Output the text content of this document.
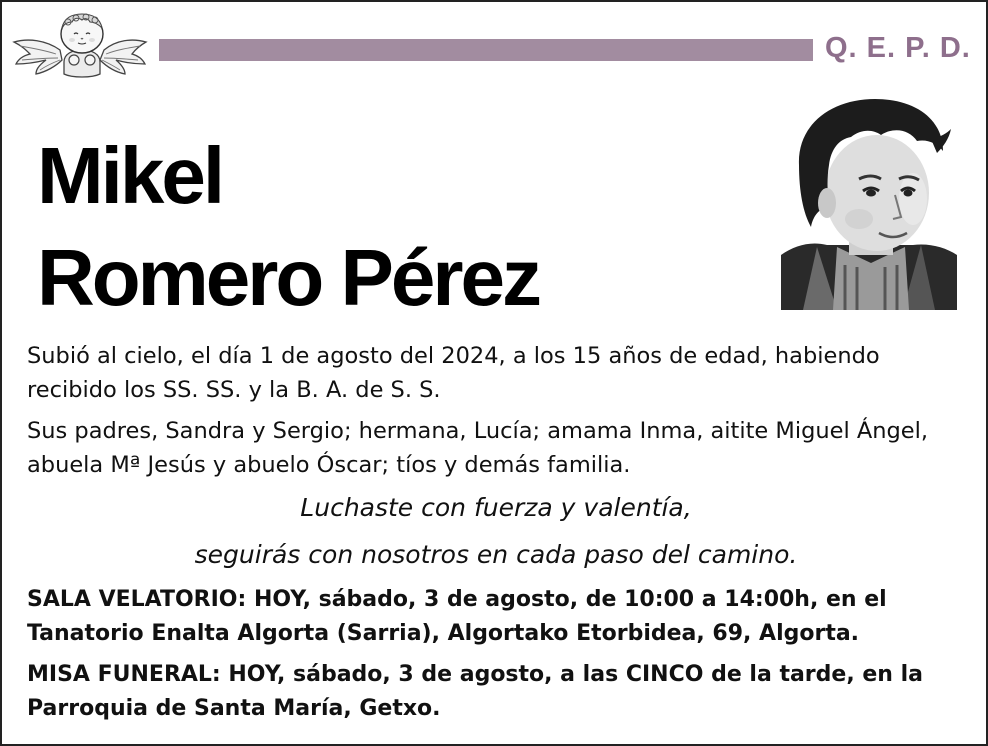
Q. E. P. D.
Mikel
Romero Pérez
Subió al cielo, el día 1 de agosto del 2024, a los 15 años de edad, habiendo recibido los SS. SS. y la B. A. de S. S.
Sus padres, Sandra y Sergio; hermana, Lucía; amama Inma, aitite Miguel Ángel, abuela Mª Jesús y abuelo Óscar; tíos y demás familia.
Luchaste con fuerza y valentía,
seguirás con nosotros en cada paso del camino.
SALA VELATORIO: HOY, sábado, 3 de agosto, de 10:00 a 14:00h, en el Tanatorio Enalta Algorta (Sarria), Algortako Etorbidea, 69, Algorta.
MISA FUNERAL: HOY, sábado, 3 de agosto, a las CINCO de la tarde, en la Parroquia de Santa María, Getxo.
